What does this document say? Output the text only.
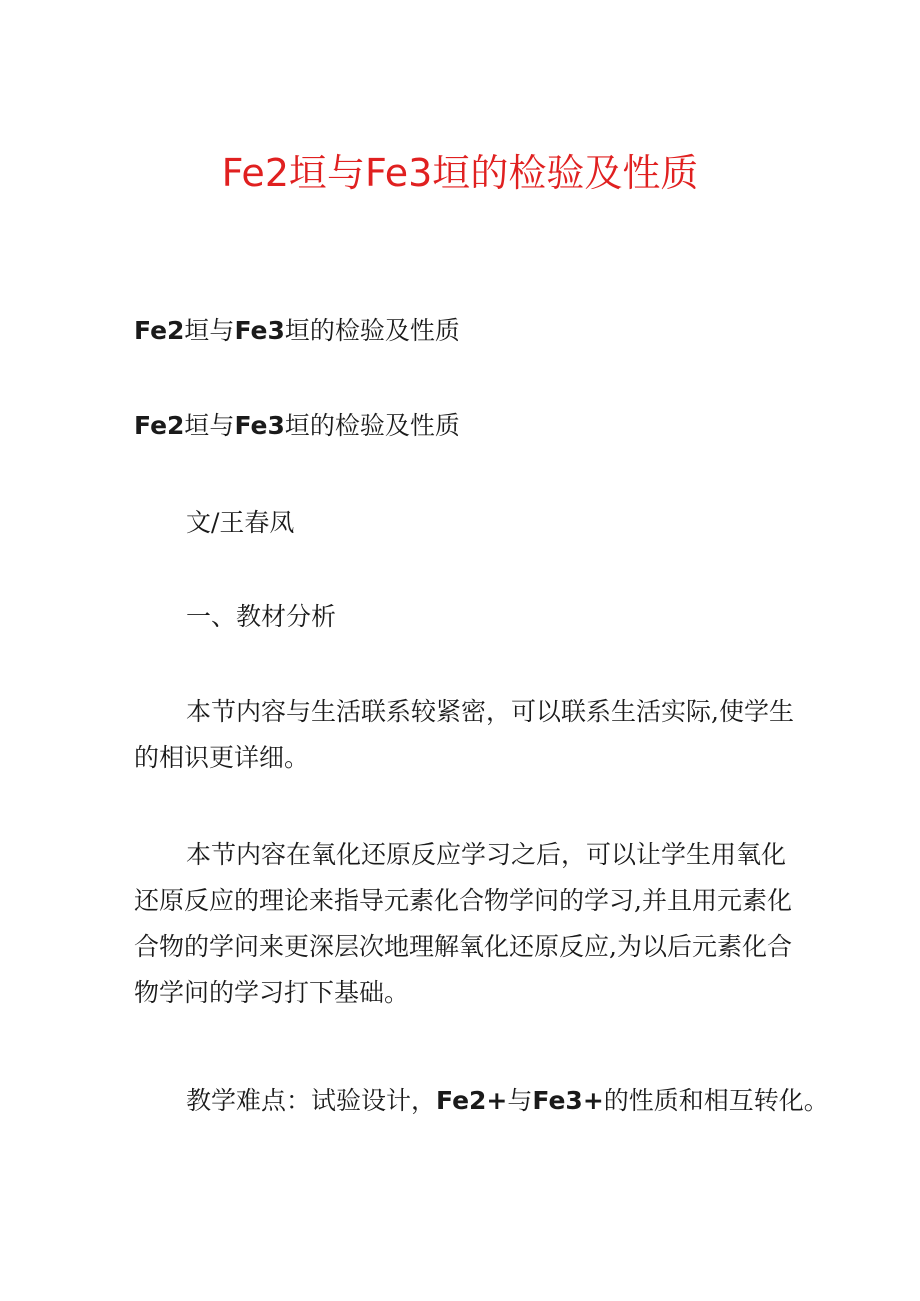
Fe2垣与Fe3垣的检验及性质

Fe2垣与Fe3垣的检验及性质

Fe2垣与Fe3垣的检验及性质

文/王春凤

一、教材分析

本节内容与生活联系较紧密，可以联系生活实际,使学生的相识更详细。

本节内容在氧化还原反应学习之后，可以让学生用氧化还原反应的理论来指导元素化合物学问的学习,并且用元素化合物的学问来更深层次地理解氧化还原反应,为以后元素化合物学问的学习打下基础。

教学难点：试验设计，Fe2+与Fe3+的性质和相互转化。
